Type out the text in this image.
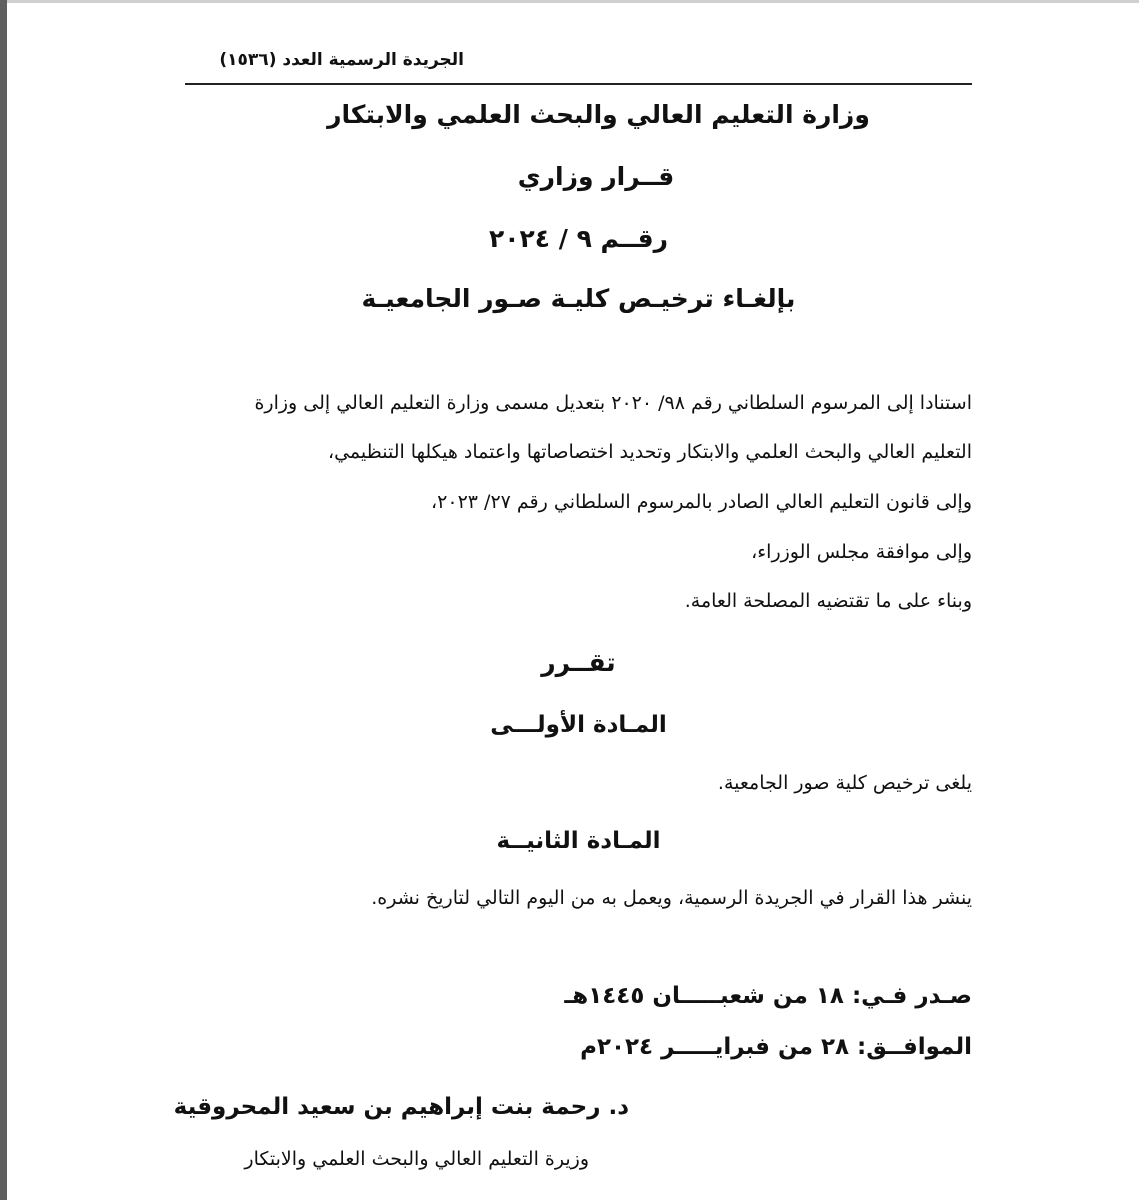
الجريدة الرسمية العدد (١٥٣٦)
وزارة التعليم العالي والبحث العلمي والابتكار
قــرار وزاري
رقــم ٩ / ٢٠٢٤
بإلغـاء ترخيـص كليـة صـور الجامعيـة
استنادا إلى المرسوم السلطاني رقم ٩٨/ ٢٠٢٠ بتعديل مسمى وزارة التعليم العالي إلى وزارة
التعليم العالي والبحث العلمي والابتكار وتحديد اختصاصاتها واعتماد هيكلها التنظيمي،
وإلى قانون التعليم العالي الصادر بالمرسوم السلطاني رقم ٢٧/ ٢٠٢٣،
وإلى موافقة مجلس الوزراء،
وبناء على ما تقتضيه المصلحة العامة.
تقــرر
المـادة الأولـــى
يلغى ترخيص كلية صور الجامعية.
المـادة الثانيــة
ينشر هذا القرار في الجريدة الرسمية، ويعمل به من اليوم التالي لتاريخ نشره.
صـدر فـي: ١٨ من شعبـــــان ١٤٤٥هـ
الموافــق: ٢٨ من فبرايـــــر ٢٠٢٤م
د. رحمة بنت إبراهيم بن سعيد المحروقية
وزيرة التعليم العالي والبحث العلمي والابتكار
